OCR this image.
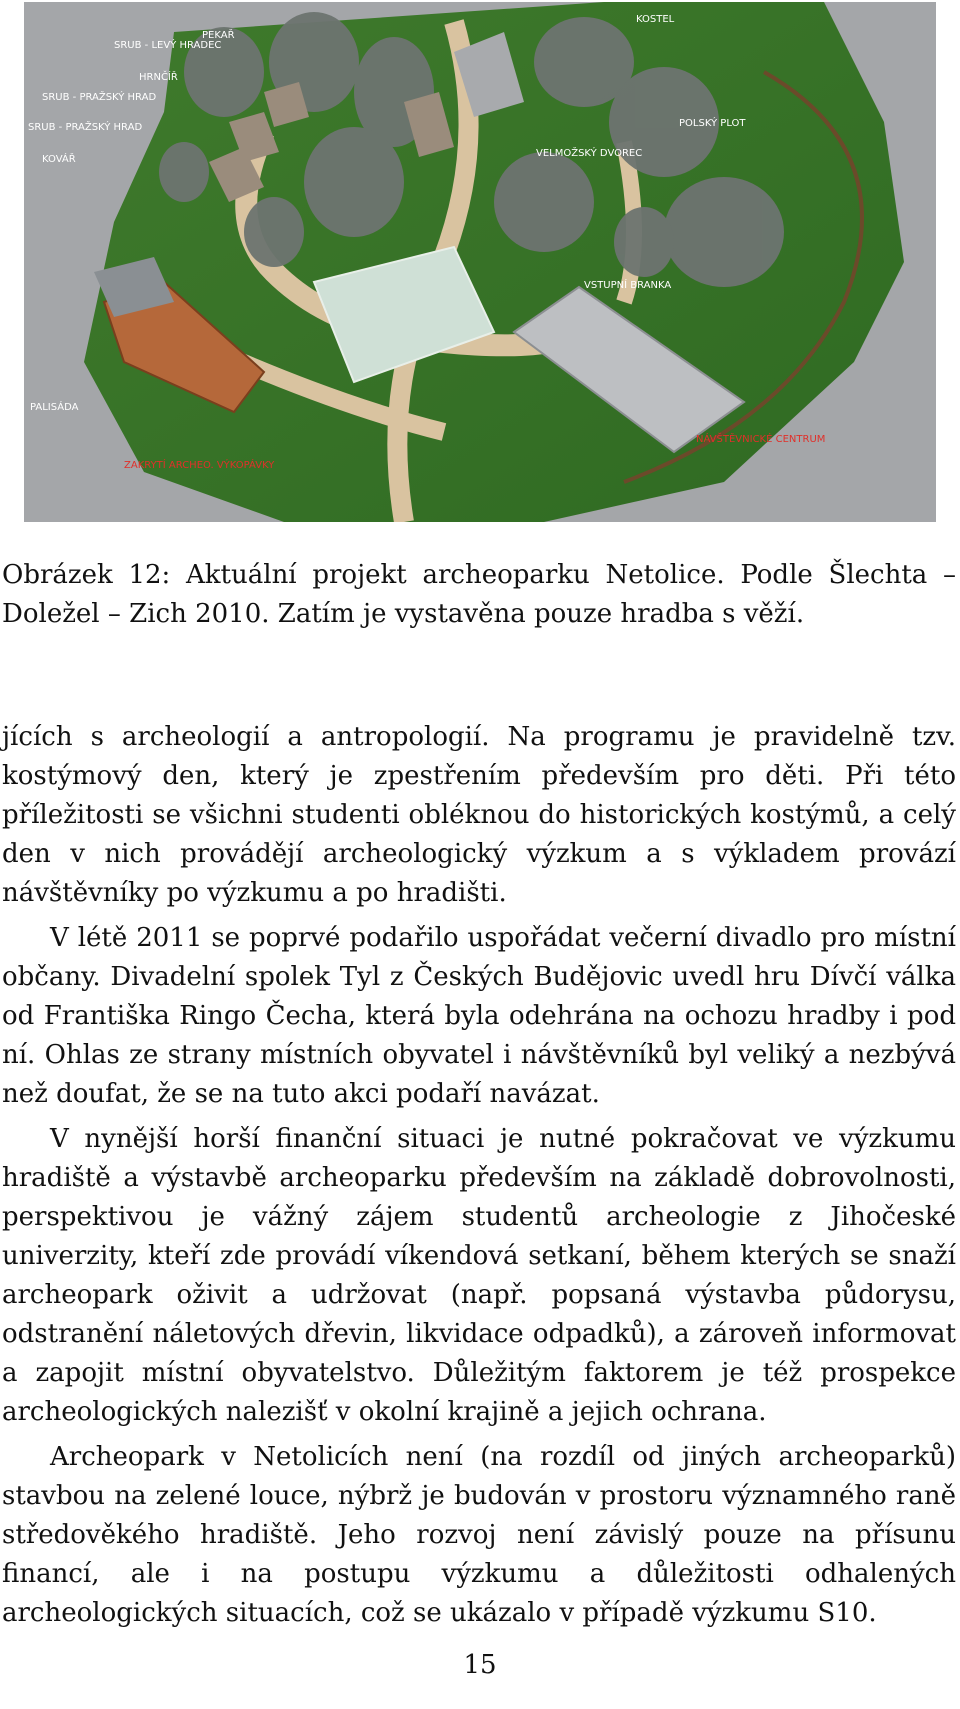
PEKAŘ
KOSTEL
SRUB - LEVÝ HRADEC
HRNČÍŘ
SRUB - PRAŽSKÝ HRAD
SRUB - PRAŽSKÝ HRAD
KOVÁŘ
POLSKÝ PLOT
VELMOŽSKÝ DVOREC
VSTUPNÍ BRANKA
PALISÁDA
ZAKRYTÍ ARCHEO. VÝKOPÁVKY
NÁVŠTĚVNICKÉ CENTRUM
Obrázek 12: Aktuální projekt archeoparku Netolice. Podle Šlechta – Doležel – Zich 2010. Zatím je vystavěna pouze hradba s věží.

jících s archeologií a antropologií. Na programu je pravidelně tzv. kostýmový den, který je zpestřením především pro děti. Při této příležitosti se všichni studenti obléknou do historických kostýmů, a celý den v nich provádějí archeologický výzkum a s výkladem provází návštěvníky po výzkumu a po hradišti.

V létě 2011 se poprvé podařilo uspořádat večerní divadlo pro místní občany. Divadelní spolek Tyl z Českých Budějovic uvedl hru Dívčí válka od Františka Ringo Čecha, která byla odehrána na ochozu hradby i pod ní. Ohlas ze strany místních obyvatel i návštěvníků byl veliký a nezbývá než doufat, že se na tuto akci podaří navázat.

V nynější horší finanční situaci je nutné pokračovat ve výzkumu hradiště a výstavbě archeoparku především na základě dobrovolnosti, perspektivou je vážný zájem studentů archeologie z Jihočeské univerzity, kteří zde provádí víkendová setkaní, během kterých se snaží archeopark oživit a udržovat (např. popsaná výstavba půdorysu, odstranění náletových dřevin, likvidace odpadků), a zároveň informovat a zapojit místní obyvatelstvo. Důležitým faktorem je též prospekce archeologických nalezišť v okolní krajině a jejich ochrana.

Archeopark v Netolicích není (na rozdíl od jiných archeoparků) stavbou na zelené louce, nýbrž je budován v prostoru významného raně středověkého hradiště. Jeho rozvoj není závislý pouze na přísunu financí, ale i na postupu výzkumu a důležitosti odhalených archeologických situacích, což se ukázalo v případě výzkumu S10.

15
